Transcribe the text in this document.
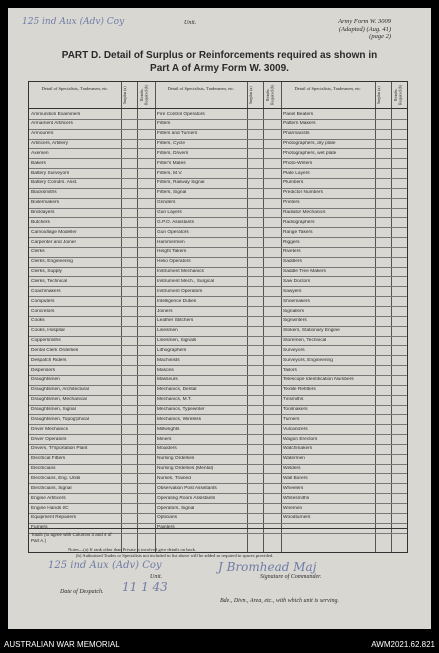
125 ind Aux (Adv) Coy	Unit.	Army Form W. 3009
(Adapted) (Aug. 41)
(page 2)
PART D. Detail of Surplus or Reinforcements required as shown in
Part A of Army Form W. 3009.
Detail of Specialists, Tradesmen, etc.	Surplus (a)	Reinfts. Required (b)	Detail of Specialists, Tradesmen, etc.	Surplus (a)	Reinfts. Required (b)	Detail of Specialists, Tradesmen, etc.	Surplus (a)	Reinfts. Required (b)
Ammunition Examiners
Armament Artificers
Armourers
Artificers, Artillery
Axemen
Bakers
Battery Surveyors
Battery Comdrs. Asst.
Blacksmiths
Boilermakers
Bricklayers
Butchers
Camouflage Modeller
Carpenter and Joiner
Clerks
Clerks, Engineering
Clerks, Supply
Clerks, Technical
Coachmakers
Computers
Concretors
Cooks
Cooks, Hospital
Coppersmiths
Dental Clerk Orderlies
Despatch Riders
Dispensers
Draughtsmen
Draughtsmen, Architectural
Draughtsmen, Mechanical
Draughtsmen, Signal
Draughtsmen, Topog'phical
Driver Mechanics
Driver Operators
Drivers, Tr'sportation Plant
Electrical Fitters
Electricians
Electricians, Eng. Units
Electricians, Signal
Engine Artificers
Engine Hands I/C
Equipment Repairers
Furriers
Fire Control Operators
Fitters
Fitters and Turners
Fitters, Cycle
Fitters, Drivers
Fitter's Mates
Fitters, M.V.
Fitters, Railway Signal
Fitters, Signal
Grinders
Gun Layers
G.P.O. Assistants
Gun Operators
Hammermen
Height Takers
Helio Operators
Instrument Mechanics
Instrument Mech., Surgical
Instrument Operators
Intelligence Duties
Joiners
Leather Stitchers
Linesmen
Linesmen, Signals
Lithographers
Machinists
Masons
Masseurs
Mechanics, Dental
Mechanics, M.T.
Mechanics, Typewriter
Mechanics, Wireless
Millwrights
Miners
Moulders
Nursing Orderlies
Nursing Orderlies (Mental)
Nurses, Trained
Observation Post Assistants
Operating Room Assistants
Operators, Signal
Opticians
Painters
Panel Beaters
Pattern Makers
Pharmacists
Photographers, dry plate
Photographers, wet plate
Photo-Writers
Plate Layers
Plumbers
Predictor Numbers
Printers
Radiator Mechanics
Radiographers
Range Takers
Riggers
Riveters
Saddlers
Saddle Tree Makers
Saw Doctors
Sawyers
Shoemakers
Signallers
Signwriters
Stokers, Stationary Engine
Storemen, Technical
Surveyors
Surveyors, Engineering
Tailors
Telescope Identification Numbers
Textile Refitters
Tinsmiths
Toolmakers
Turners
Vulcanizers
Wagon Erectors
Watchmakers
Watermen
Welders
Wall Borers
Wheelers
Whitesmiths
Wiremen
Woodturners
Totals (to agree with Columns 3 and 4 of Part A.)
Notes—(a) If rank other than Private is involved give details on back.
(b) Authorised Trades or Specialists not included in list above will be added as required in spaces provided.
125 ind Aux (Adv) Coy	J Bromhead Maj
Unit.	Signature of Commander.
11 1 43
Date of Despatch.
Bde., Divn., Area, etc., with which unit is serving.
AUSTRALIAN WAR MEMORIAL	AWM2021.62.821
